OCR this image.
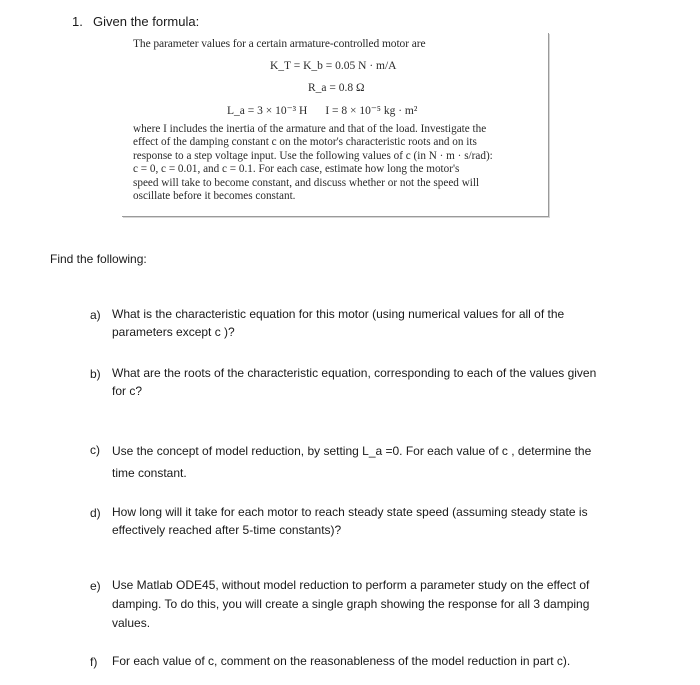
1. Given the formula:
The parameter values for a certain armature-controlled motor are
K_T = K_b = 0.05 N · m/A
R_a = 0.8 Ω
L_a = 3 × 10⁻³ H I = 8 × 10⁻⁵ kg · m²
where I includes the inertia of the armature and that of the load. Investigate the
effect of the damping constant c on the motor's characteristic roots and on its
response to a step voltage input. Use the following values of c (in N · m · s/rad):
c = 0, c = 0.01, and c = 0.1. For each case, estimate how long the motor's
speed will take to become constant, and discuss whether or not the speed will
oscillate before it becomes constant.
Find the following:
a) What is the characteristic equation for this motor (using numerical values for all of the
parameters except c )?
b) What are the roots of the characteristic equation, corresponding to each of the values given
for c?
c) Use the concept of model reduction, by setting L_a =0. For each value of c , determine the
time constant.
d) How long will it take for each motor to reach steady state speed (assuming steady state is
effectively reached after 5-time constants)?
e) Use Matlab ODE45, without model reduction to perform a parameter study on the effect of
damping. To do this, you will create a single graph showing the response for all 3 damping
values.
f) For each value of c, comment on the reasonableness of the model reduction in part c).
